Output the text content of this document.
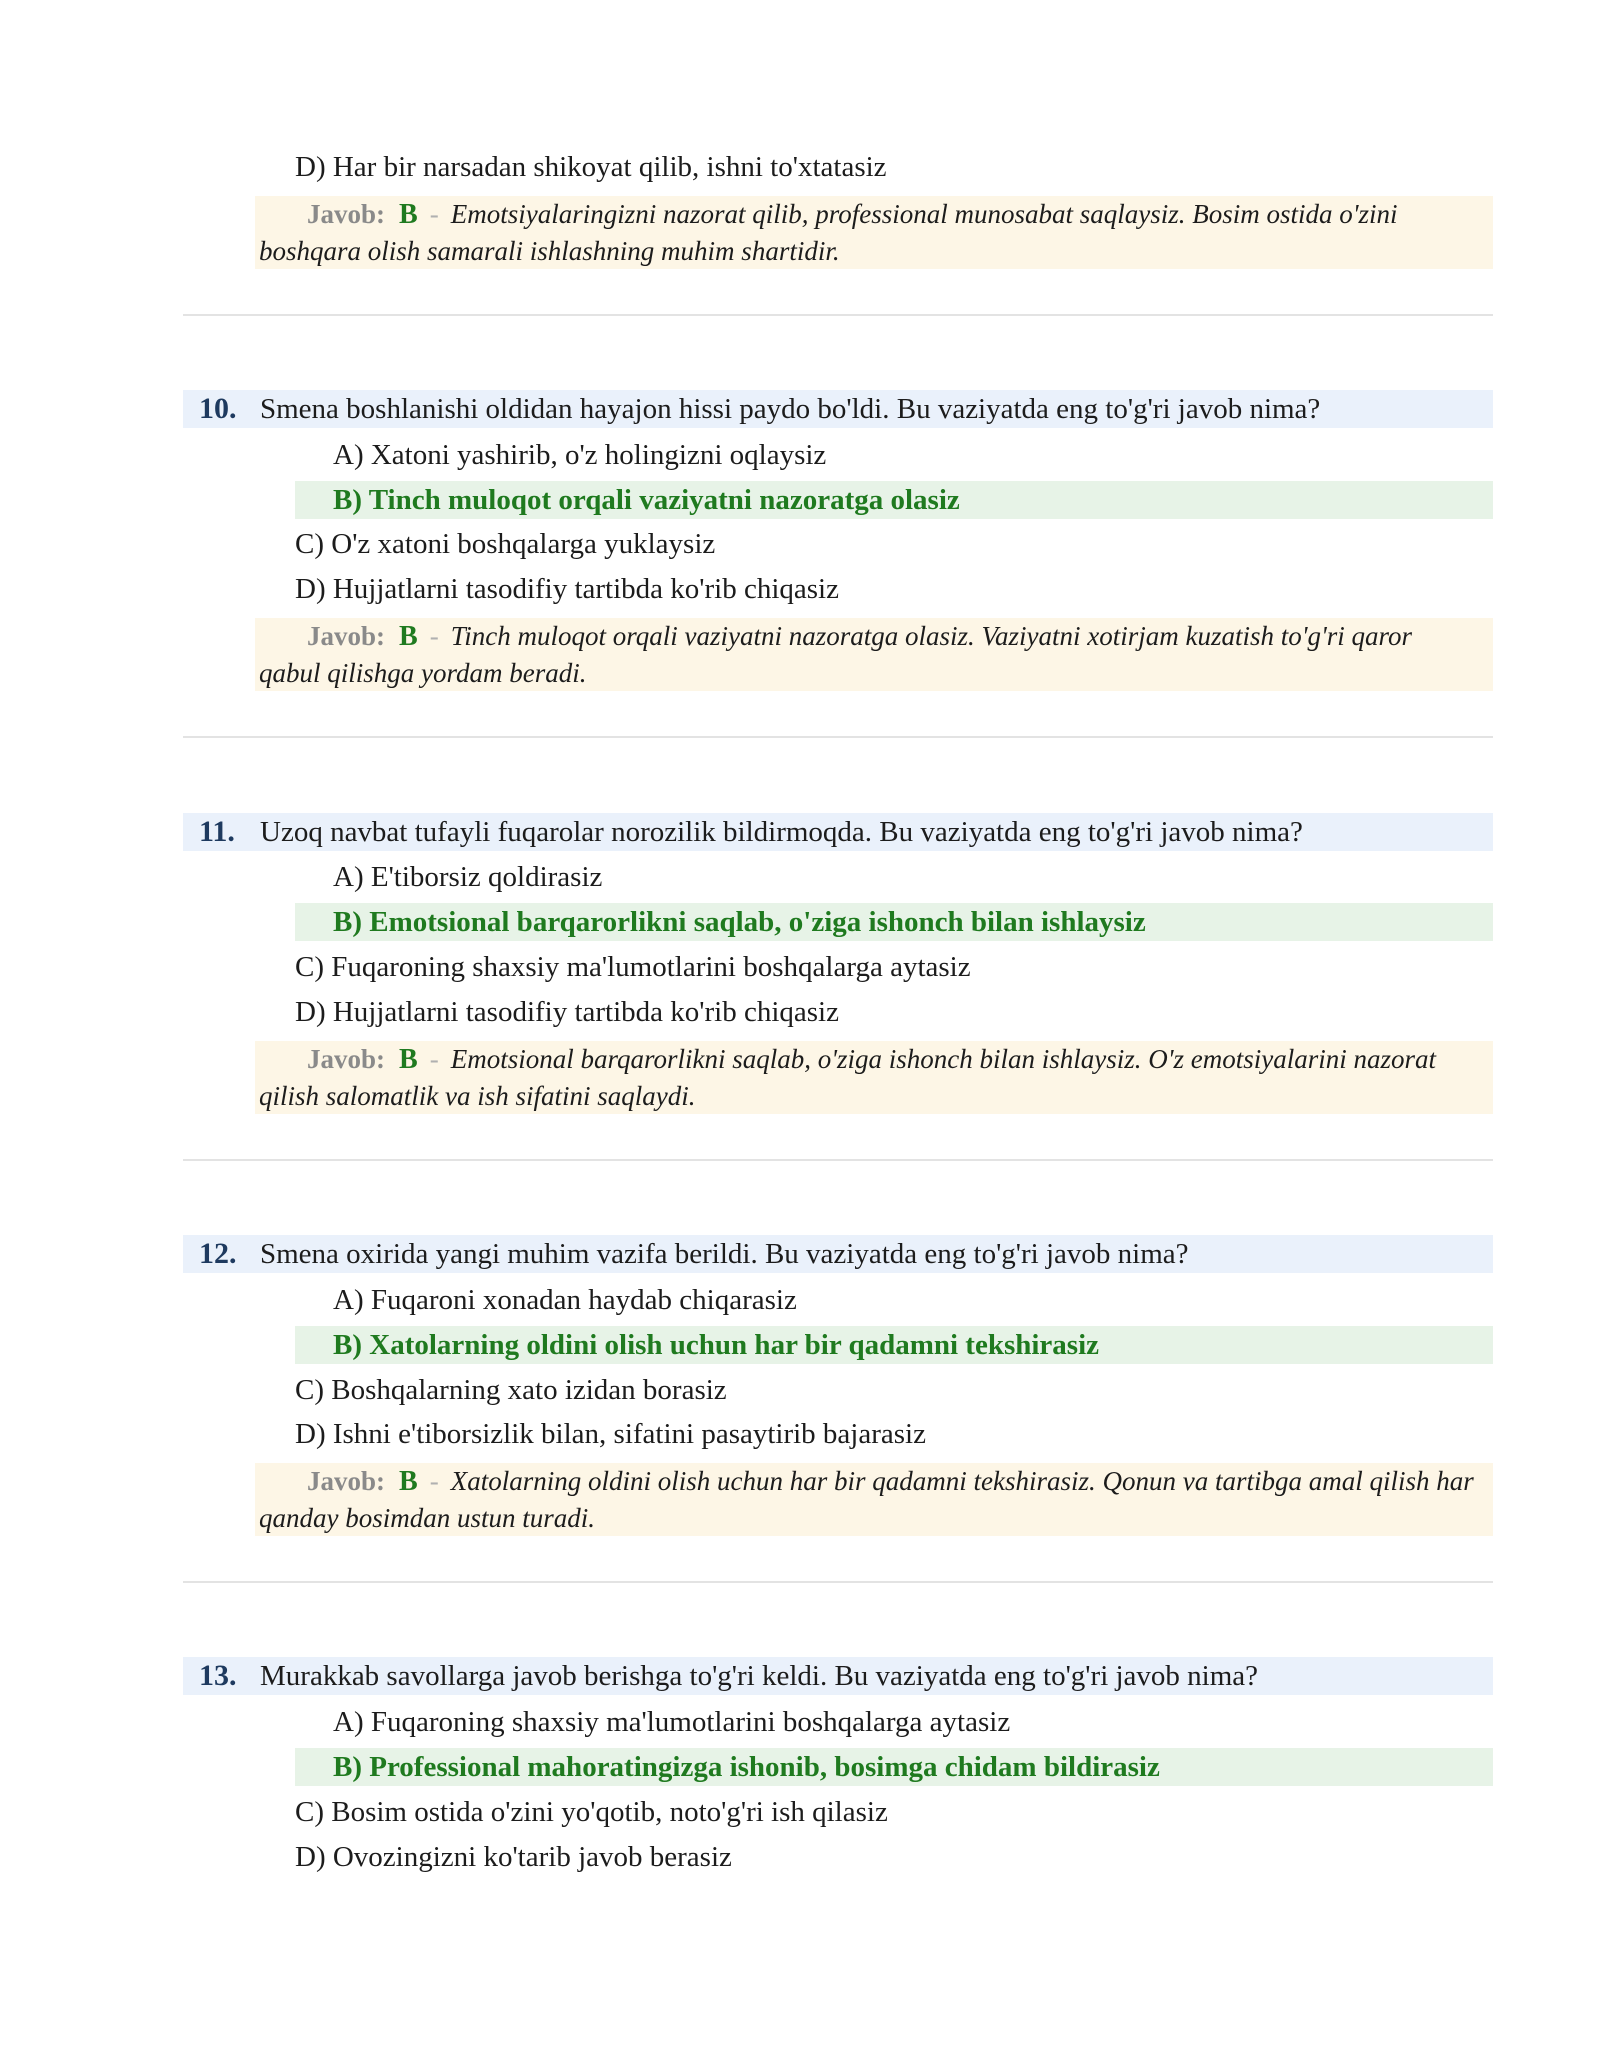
D) Har bir narsadan shikoyat qilib, ishni to'xtatasiz
Javob: B - Emotsiyalaringizni nazorat qilib, professional munosabat saqlaysiz. Bosim ostida o'zini boshqara olish samarali ishlashning muhim shartidir.
10. Smena boshlanishi oldidan hayajon hissi paydo bo'ldi. Bu vaziyatda eng to'g'ri javob nima?
A) Xatoni yashirib, o'z holingizni oqlaysiz
B) Tinch muloqot orqali vaziyatni nazoratga olasiz
C) O'z xatoni boshqalarga yuklaysiz
D) Hujjatlarni tasodifiy tartibda ko'rib chiqasiz
Javob: B - Tinch muloqot orqali vaziyatni nazoratga olasiz. Vaziyatni xotirjam kuzatish to'g'ri qaror qabul qilishga yordam beradi.
11. Uzoq navbat tufayli fuqarolar norozilik bildirmoqda. Bu vaziyatda eng to'g'ri javob nima?
A) E'tiborsiz qoldirasiz
B) Emotsional barqarorlikni saqlab, o'ziga ishonch bilan ishlaysiz
C) Fuqaroning shaxsiy ma'lumotlarini boshqalarga aytasiz
D) Hujjatlarni tasodifiy tartibda ko'rib chiqasiz
Javob: B - Emotsional barqarorlikni saqlab, o'ziga ishonch bilan ishlaysiz. O'z emotsiyalarini nazorat qilish salomatlik va ish sifatini saqlaydi.
12. Smena oxirida yangi muhim vazifa berildi. Bu vaziyatda eng to'g'ri javob nima?
A) Fuqaroni xonadan haydab chiqarasiz
B) Xatolarning oldini olish uchun har bir qadamni tekshirasiz
C) Boshqalarning xato izidan borasiz
D) Ishni e'tiborsizlik bilan, sifatini pasaytirib bajarasiz
Javob: B - Xatolarning oldini olish uchun har bir qadamni tekshirasiz. Qonun va tartibga amal qilish har qanday bosimdan ustun turadi.
13. Murakkab savollarga javob berishga to'g'ri keldi. Bu vaziyatda eng to'g'ri javob nima?
A) Fuqaroning shaxsiy ma'lumotlarini boshqalarga aytasiz
B) Professional mahoratingizga ishonib, bosimga chidam bildirasiz
C) Bosim ostida o'zini yo'qotib, noto'g'ri ish qilasiz
D) Ovozingizni ko'tarib javob berasiz
